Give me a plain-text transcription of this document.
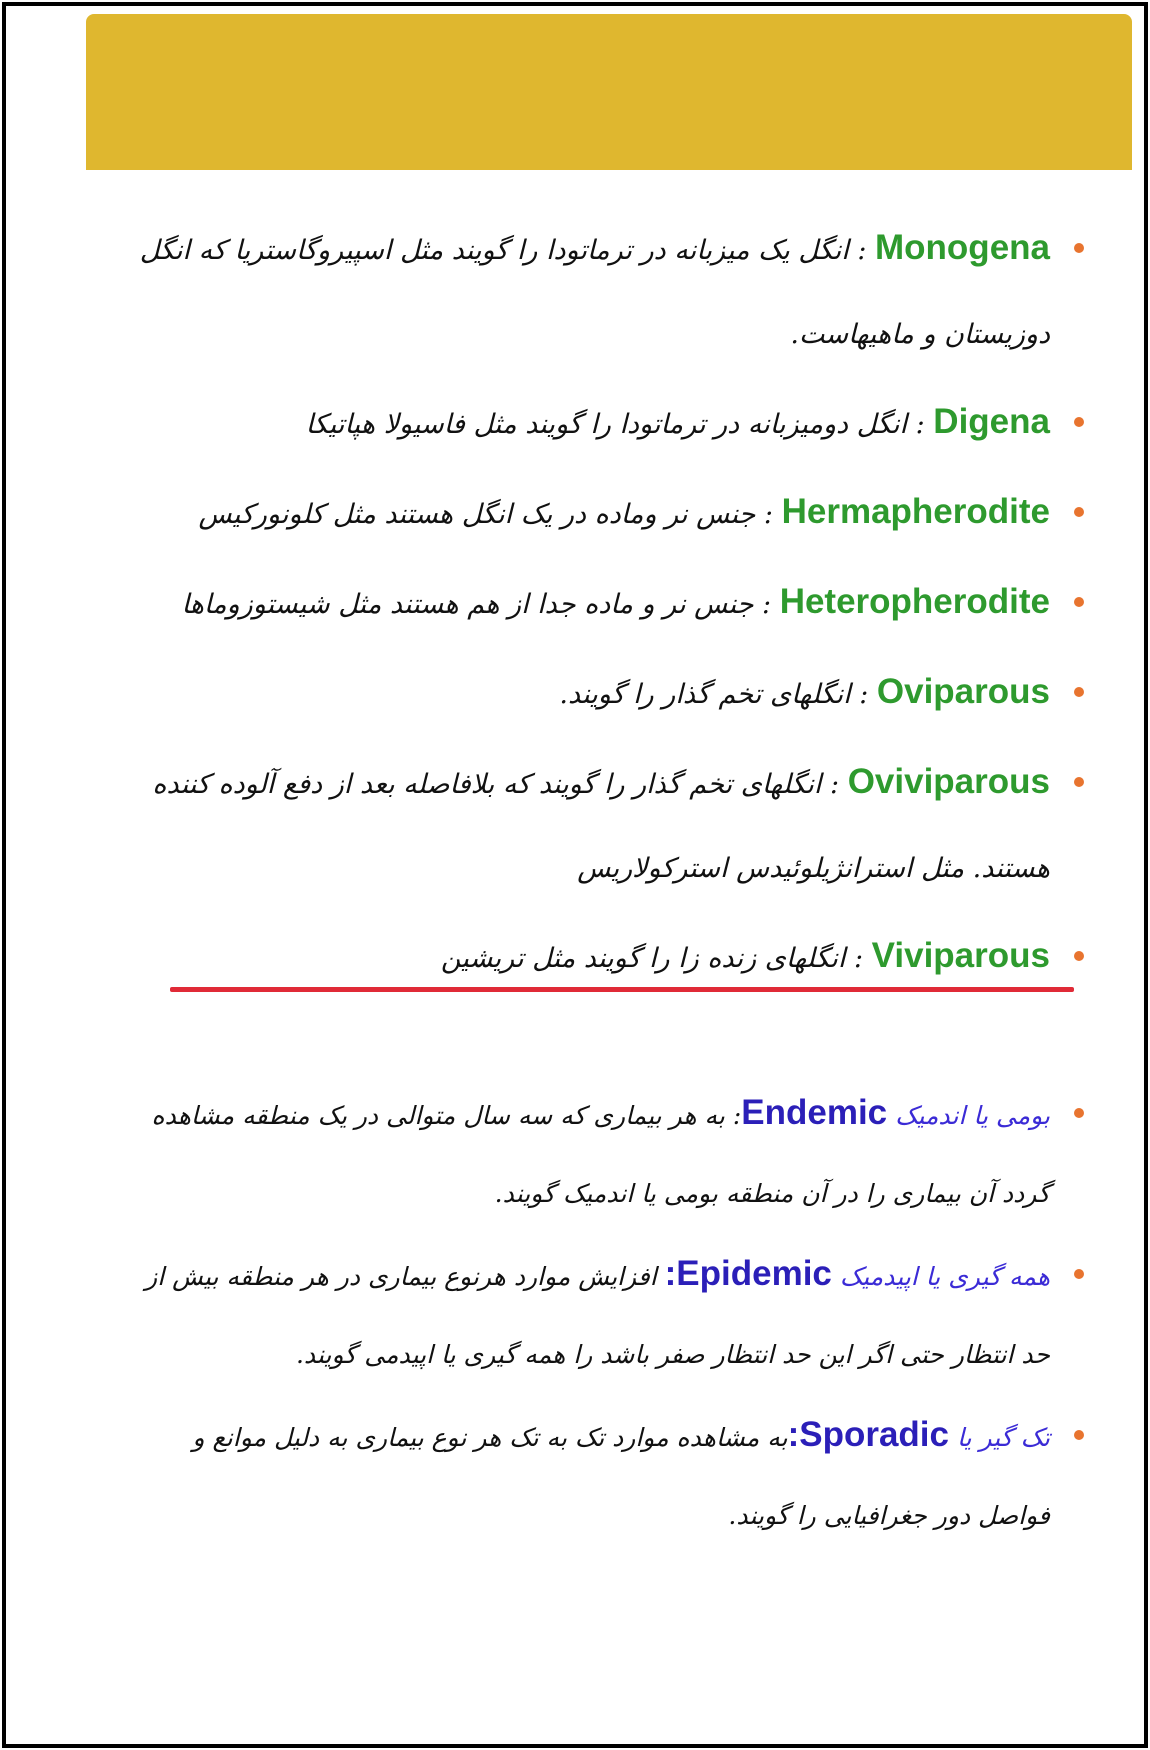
Monogena : انگل یک میزبانه در ترماتودا را گویند مثل اسپیروگاستریا که انگل دوزیستان و ماهیهاست.
Digena : انگل دومیزبانه در ترماتودا را گویند مثل فاسیولا هپاتیکا
Hermapherodite : جنس نر وماده در یک انگل هستند مثل کلونورکیس
Heteropherodite : جنس نر و ماده جدا از هم هستند مثل شیستوزوماها
Oviparous : انگلهای تخم گذار را گویند.
Oviviparous : انگلهای تخم گذار را گویند که بلافاصله بعد از دفع آلوده کننده هستند. مثل استرانژیلوئیدس استرکولاریس
Viviparous : انگلهای زنده زا را گویند مثل تریشین
بومی یا اندمیک Endemic: به هر بیماری که سه سال متوالی در یک منطقه مشاهده گردد آن بیماری را در آن منطقه بومی یا اندمیک گویند.
همه گیری یا اپیدمیک Epidemic: افزایش موارد هرنوع بیماری در هر منطقه بیش از حد انتظار حتی اگر این حد انتظار صفر باشد را همه گیری یا اپیدمی گویند.
تک گیر یا Sporadic:به مشاهده موارد تک به تک هر نوع بیماری به دلیل موانع و فواصل دور جغرافیایی را گویند.
